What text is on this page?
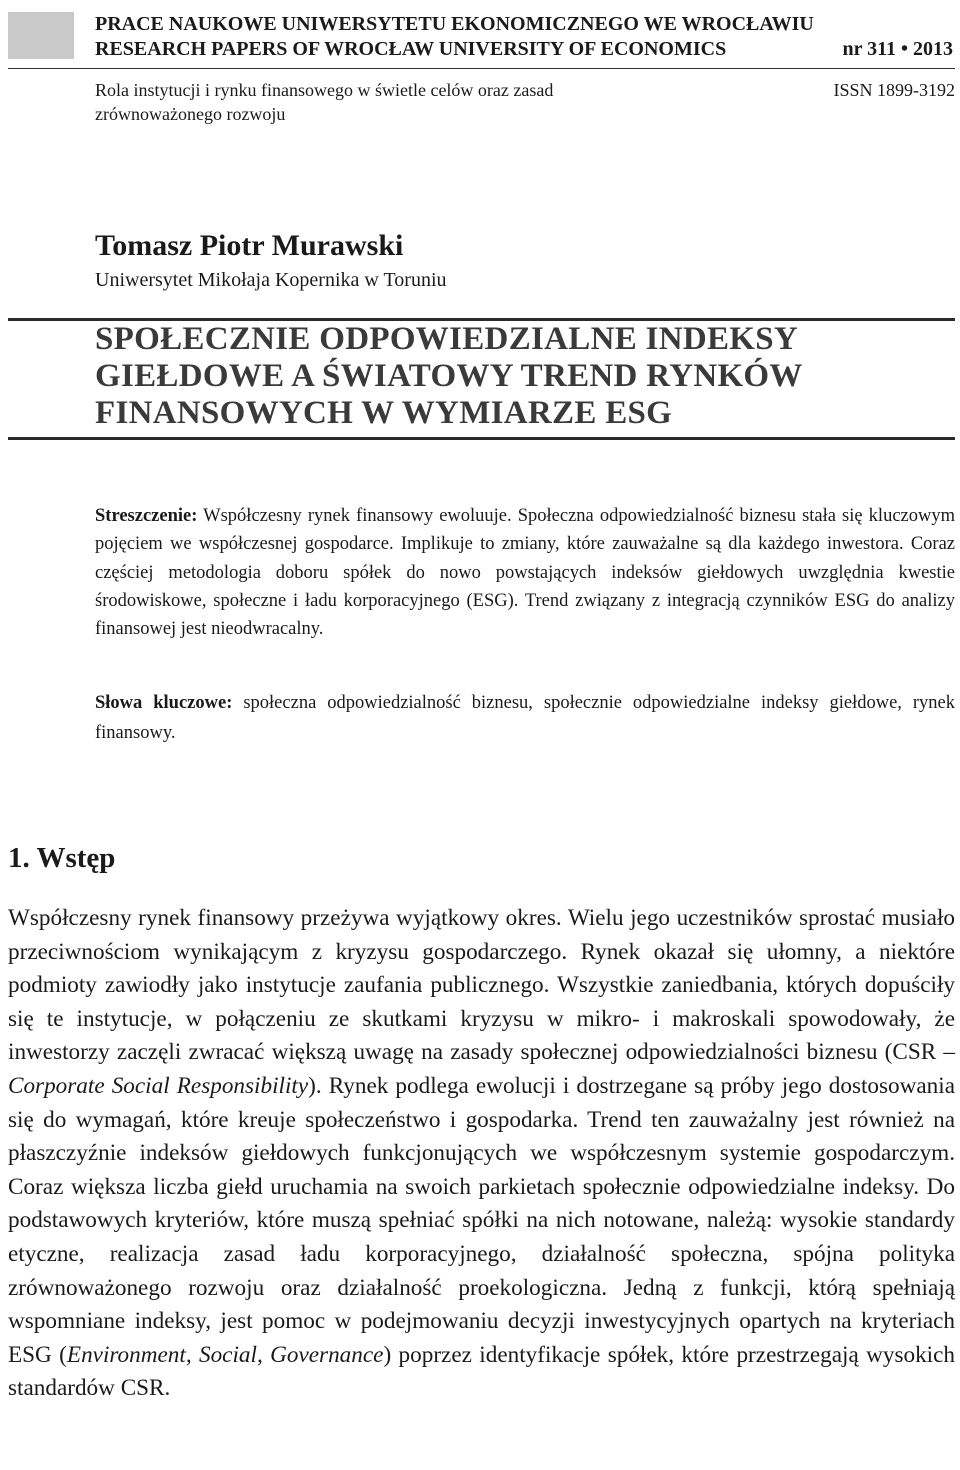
PRACE NAUKOWE UNIWERSYTETU EKONOMICZNEGO WE WROCŁAWIU
RESEARCH PAPERS OF WROCŁAW UNIVERSITY OF ECONOMICS	nr 311 • 2013
Rola instytucji i rynku finansowego w świetle celów oraz zasad
zrównoważonego rozwoju
ISSN 1899-3192
Tomasz Piotr Murawski
Uniwersytet Mikołaja Kopernika w Toruniu
SPOŁECZNIE ODPOWIEDZIALNE INDEKSY
GIEŁDOWE A ŚWIATOWY TREND RYNKÓW
FINANSOWYCH W WYMIARZE ESG
Streszczenie: Współczesny rynek finansowy ewoluuje. Społeczna odpowiedzialność biznesu stała się kluczowym pojęciem we współczesnej gospodarce. Implikuje to zmiany, które zauważalne są dla każdego inwestora. Coraz częściej metodologia doboru spółek do nowo powstających indeksów giełdowych uwzględnia kwestie środowiskowe, społeczne i ładu korporacyjnego (ESG). Trend związany z integracją czynników ESG do analizy finansowej jest nieodwracalny.
Słowa kluczowe: społeczna odpowiedzialność biznesu, społecznie odpowiedzialne indeksy giełdowe, rynek finansowy.
1. Wstęp
Współczesny rynek finansowy przeżywa wyjątkowy okres. Wielu jego uczestników sprostać musiało przeciwnościom wynikającym z kryzysu gospodarczego. Rynek okazał się ułomny, a niektóre podmioty zawiodły jako instytucje zaufania publicznego. Wszystkie zaniedbania, których dopuściły się te instytucje, w połączeniu ze skutkami kryzysu w mikro- i makroskali spowodowały, że inwestorzy zaczęli zwracać większą uwagę na zasady społecznej odpowiedzialności biznesu (CSR – Corporate Social Responsibility). Rynek podlega ewolucji i dostrzegane są próby jego dostosowania się do wymagań, które kreuje społeczeństwo i gospodarka. Trend ten zauważalny jest również na płaszczyźnie indeksów giełdowych funkcjonujących we współczesnym systemie gospodarczym. Coraz większa liczba giełd uruchamia na swoich parkietach społecznie odpowiedzialne indeksy. Do podstawowych kryteriów, które muszą spełniać spółki na nich notowane, należą: wysokie standardy etyczne, realizacja zasad ładu korporacyjnego, działalność społeczna, spójna polityka zrównoważonego rozwoju oraz działalność proekologiczna. Jedną z funkcji, którą spełniają wspomniane indeksy, jest pomoc w podejmowaniu decyzji inwestycyjnych opartych na kryteriach ESG (Environment, Social, Governance) poprzez identyfikacje spółek, które przestrzegają wysokich standardów CSR.
